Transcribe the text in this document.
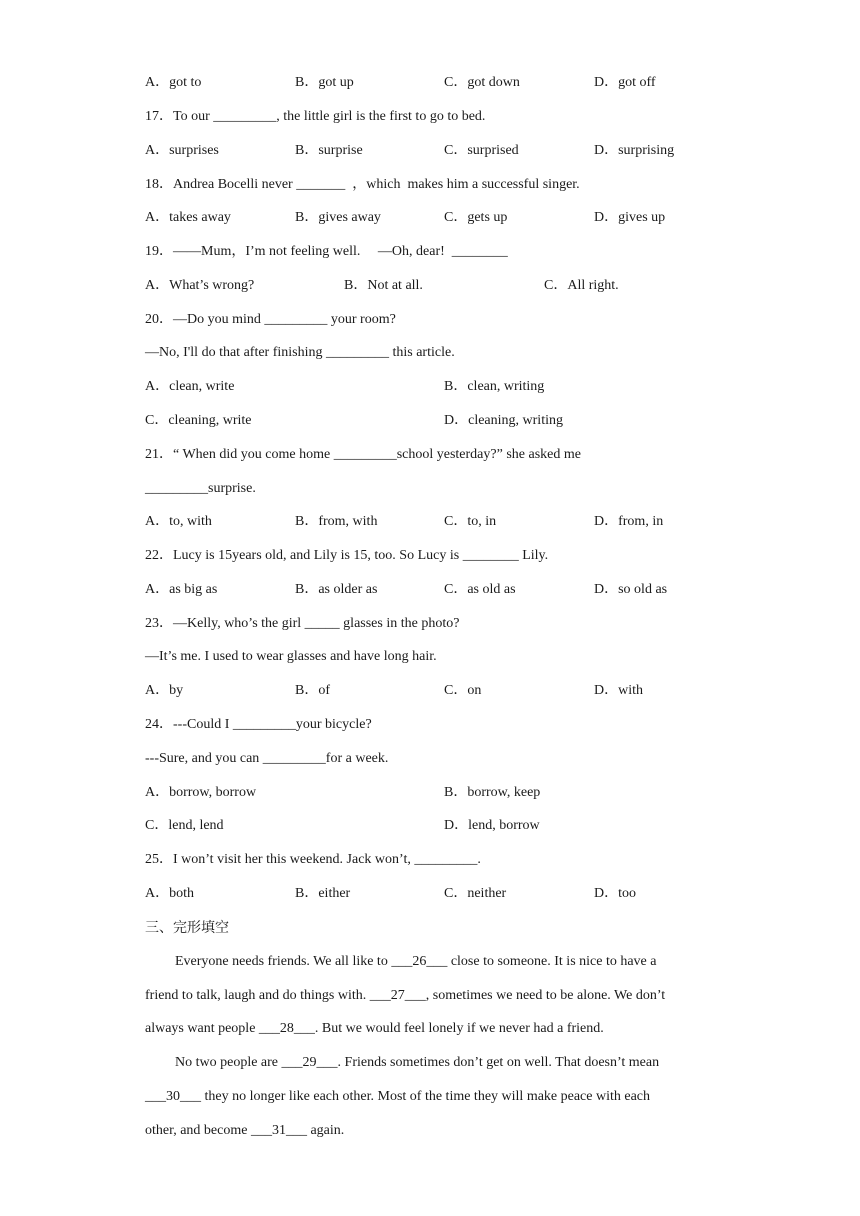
A．got to	B．got up	C．got down	D．got off
17．To our _________, the little girl is the first to go to bed.
A．surprises	B．surprise	C．surprised	D．surprising
18．Andrea Bocelli never _______  ，which  makes him a successful singer.
A．takes away	B．gives away	C．gets up	D．gives up
19．——Mum，I’m not feeling well.     —Oh, dear!  ________
A．What’s wrong?	B．Not at all.	C．All right.
20．—Do you mind _________ your room?
—No, I'll do that after finishing _________ this article.
A．clean, write	B．clean, writing
C．cleaning, write	D．cleaning, writing
21．“ When did you come home _________school yesterday?” she asked me
_________surprise.
A．to, with	B．from, with	C．to, in	D．from, in
22．Lucy is 15years old, and Lily is 15, too. So Lucy is ________ Lily.
A．as big as	B．as older as	C．as old as	D．so old as
23．—Kelly, who’s the girl _____ glasses in the photo?
—It’s me. I used to wear glasses and have long hair.
A．by	B．of	C．on	D．with
24．---Could I _________your bicycle?
---Sure, and you can _________for a week.
A．borrow, borrow	B．borrow, keep
C．lend, lend	D．lend, borrow
25．I won’t visit her this weekend. Jack won’t, _________.
A．both	B．either	C．neither	D．too
三、完形填空
Everyone needs friends. We all like to ___26___ close to someone. It is nice to have a
friend to talk, laugh and do things with. ___27___, sometimes we need to be alone. We don’t
always want people ___28___. But we would feel lonely if we never had a friend.
No two people are ___29___. Friends sometimes don’t get on well. That doesn’t mean
___30___ they no longer like each other. Most of the time they will make peace with each
other, and become ___31___ again.
